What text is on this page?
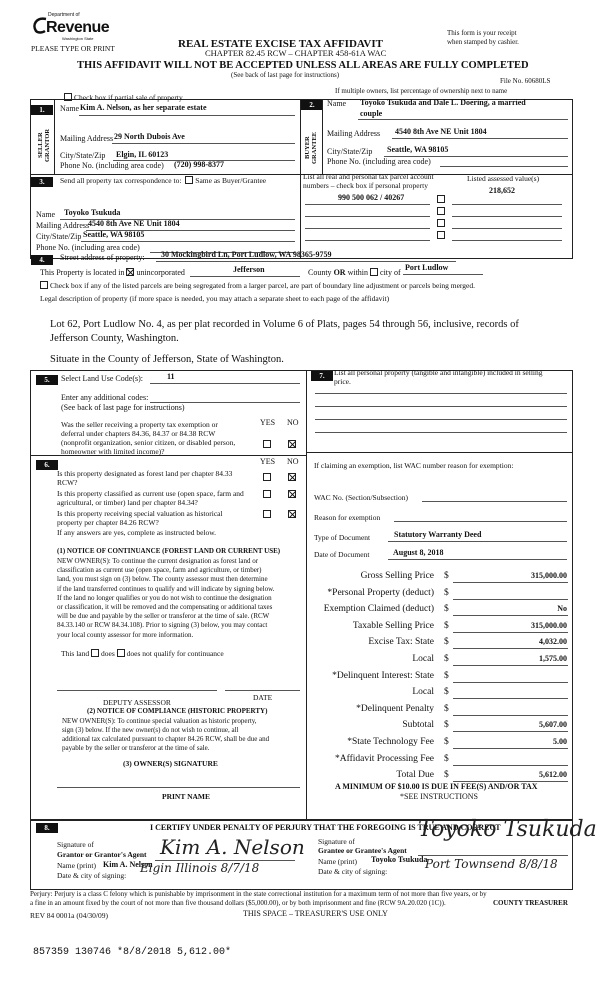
Department of
Revenue
Washington State
PLEASE TYPE OR PRINT	REAL ESTATE EXCISE TAX AFFIDAVIT
CHAPTER 82.45 RCW – CHAPTER 458-61A WAC
THIS AFFIDAVIT WILL NOT BE ACCEPTED UNLESS ALL AREAS ARE FULLY COMPLETED
(See back of last page for instructions)
This form is your receipt
when stamped by cashier.
File No. 60680LS
Check box if partial sale of property
If multiple owners, list percentage of ownership next to name
1.
SELLER GRANTOR
Name Kim A. Nelson, as her separate estate
Mailing Address 29 North Dubois Ave
City/State/Zip Elgin, IL 60123
Phone No. (including area code) (720) 998-8377
2.
BUYER GRANTEE
Name Toyoko Tsukuda and Dale L. Doering, a married
couple
Mailing Address 4540 8th Ave NE Unit 1804
City/State/Zip Seattle, WA 98105
Phone No. (including area code)
3.	Send all property tax correspondence to: Same as Buyer/Grantee
Name Toyoko Tsukuda
Mailing Address
4540 8th Ave NE Unit 1804
City/State/Zip Seattle, WA 98105
Phone No. (including area code)
List all real and personal tax parcel account
numbers – check box if personal property
Listed assessed value(s)
218,652
990 500 062 / 40267
4.	Street address of property: 30 Mockingbird Ln, Port Ludlow, WA 98365-9759
This Property is located in unincorporated	Jefferson	County OR within city of
Port Ludlow
Check box if any of the listed parcels are being segregated from a larger parcel, are part of boundary line adjustment or parcels being merged.
Legal description of property (if more space is needed, you may attach a separate sheet to each page of the affidavit)
Lot 62, Port Ludlow No. 4, as per plat recorded in Volume 6 of Plats, pages 54 through 56, inclusive, records of
Jefferson County, Washington.
Situate in the County of Jefferson, State of Washington.
5.	Select Land Use Code(s):	11
Enter any additional codes:
(See back of last page for instructions)
YES NO
Was the seller receiving a property tax exemption or
deferral under chapters 84.36, 84.37 or 84.38 RCW
(nonprofit organization, senior citizen, or disabled person,
homeowner with limited income)?
6.	YES NO
Is this property designated as forest land per chapter 84.33
RCW?
Is this property classified as current use (open space, farm and
agricultural, or timber) land per chapter 84.34?
Is this property receiving special valuation as historical
property per chapter 84.26 RCW?
If any answers are yes, complete as instructed below.
(1) NOTICE OF CONTINUANCE (FOREST LAND OR CURRENT USE)
NEW OWNER(S): To continue the current designation as forest land or
classification as current use (open space, farm and agriculture, or timber)
land, you must sign on (3) below. The county assessor must then determine
if the land transferred continues to qualify and will indicate by signing below.
If the land no longer qualifies or you do not wish to continue the designation
or classification, it will be removed and the compensating or additional taxes
will be due and payable by the seller or transferor at the time of sale. (RCW
84.33.140 or RCW 84.34.108). Prior to signing (3) below, you may contact
your local county assessor for more information.
This land does does not qualify for continuance
DEPUTY ASSESSOR
DATE
(2) NOTICE OF COMPLIANCE (HISTORIC PROPERTY)
NEW OWNER(S): To continue special valuation as historic property,
sign (3) below. If the new owner(s) do not wish to continue, all
additional tax calculated pursuant to chapter 84.26 RCW, shall be due and
payable by the seller or transferor at the time of sale.
(3) OWNER(S) SIGNATURE
PRINT NAME
7.	List all personal property (tangible and intangible) included in selling
price.
If claiming an exemption, list WAC number reason for exemption:
WAC No. (Section/Subsection)
Reason for exemption
Type of Document	Statutory Warranty Deed
Date of Document	August 8, 2018
Gross Selling Price $	315,000.00
*Personal Property (deduct) $
Exemption Claimed (deduct) $	No
Taxable Selling Price $	315,000.00
Excise Tax: State $	4,032.00
Local $	1,575.00
*Delinquent Interest: State $
Local $
*Delinquent Penalty $
Subtotal $	5,607.00
*State Technology Fee $	5.00
*Affidavit Processing Fee $
Total Due $	5,612.00
A MINIMUM OF $10.00 IS DUE IN FEE(S) AND/OR TAX
*SEE INSTRUCTIONS
8.	I CERTIFY UNDER PENALTY OF PERJURY THAT THE FOREGOING IS TRUE AND CORRECT
Signature of
Grantor or Grantor's Agent Kim A. Nelson
Name (print) Kim A. Nelson
Date & city of signing:
Elgin Illinois 8/7/18
Signature of
Grantee or Grantee's Agent
Toyoko Tsukuda
Name (print) Toyoko Tsukuda
Date & city of signing:
Port Townsend 8/8/18
Perjury: Perjury is a class C felony which is punishable by imprisonment in the state correctional institution for a maximum term of not more than five years, or by
a fine in an amount fixed by the court of not more than five thousand dollars ($5,000.00), or by both imprisonment and fine (RCW 9A.20.020 (1C)).
REV 84 0001a (04/30/09)	THIS SPACE – TREASURER'S USE ONLY
COUNTY TREASURER
857359 130746 *8/8/2018 5,612.00*
